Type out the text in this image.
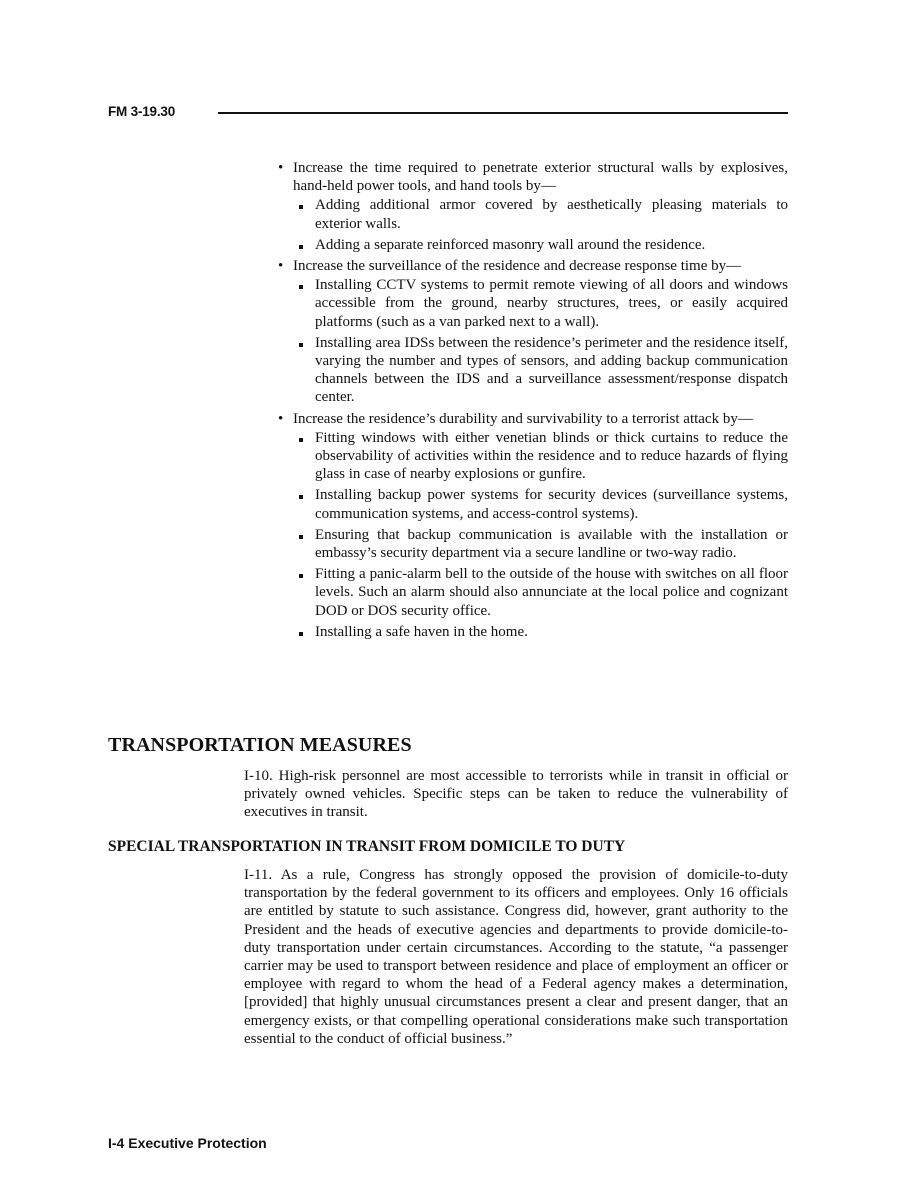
FM 3-19.30
• Increase the time required to penetrate exterior structural walls by explosives, hand-held power tools, and hand tools by—
Adding additional armor covered by aesthetically pleasing materials to exterior walls.
Adding a separate reinforced masonry wall around the residence.
• Increase the surveillance of the residence and decrease response time by—
Installing CCTV systems to permit remote viewing of all doors and windows accessible from the ground, nearby structures, trees, or easily acquired platforms (such as a van parked next to a wall).
Installing area IDSs between the residence’s perimeter and the residence itself, varying the number and types of sensors, and adding backup communication channels between the IDS and a surveillance assessment/response dispatch center.
• Increase the residence’s durability and survivability to a terrorist attack by—
Fitting windows with either venetian blinds or thick curtains to reduce the observability of activities within the residence and to reduce hazards of flying glass in case of nearby explosions or gunfire.
Installing backup power systems for security devices (surveillance systems, communication systems, and access-control systems).
Ensuring that backup communication is available with the installation or embassy’s security department via a secure landline or two-way radio.
Fitting a panic-alarm bell to the outside of the house with switches on all floor levels. Such an alarm should also annunciate at the local police and cognizant DOD or DOS security office.
Installing a safe haven in the home.
TRANSPORTATION MEASURES

I-10. High-risk personnel are most accessible to terrorists while in transit in official or privately owned vehicles. Specific steps can be taken to reduce the vulnerability of executives in transit.

SPECIAL TRANSPORTATION IN TRANSIT FROM DOMICILE TO DUTY

I-11. As a rule, Congress has strongly opposed the provision of domicile-to-duty transportation by the federal government to its officers and employees. Only 16 officials are entitled by statute to such assistance. Congress did, however, grant authority to the President and the heads of executive agencies and departments to provide domicile-to-duty transportation under certain circumstances. According to the statute, “a passenger carrier may be used to transport between residence and place of employment an officer or employee with regard to whom the head of a Federal agency makes a determination, [provided] that highly unusual circumstances present a clear and present danger, that an emergency exists, or that compelling operational considerations make such transportation essential to the conduct of official business.”

I-4 Executive Protection
